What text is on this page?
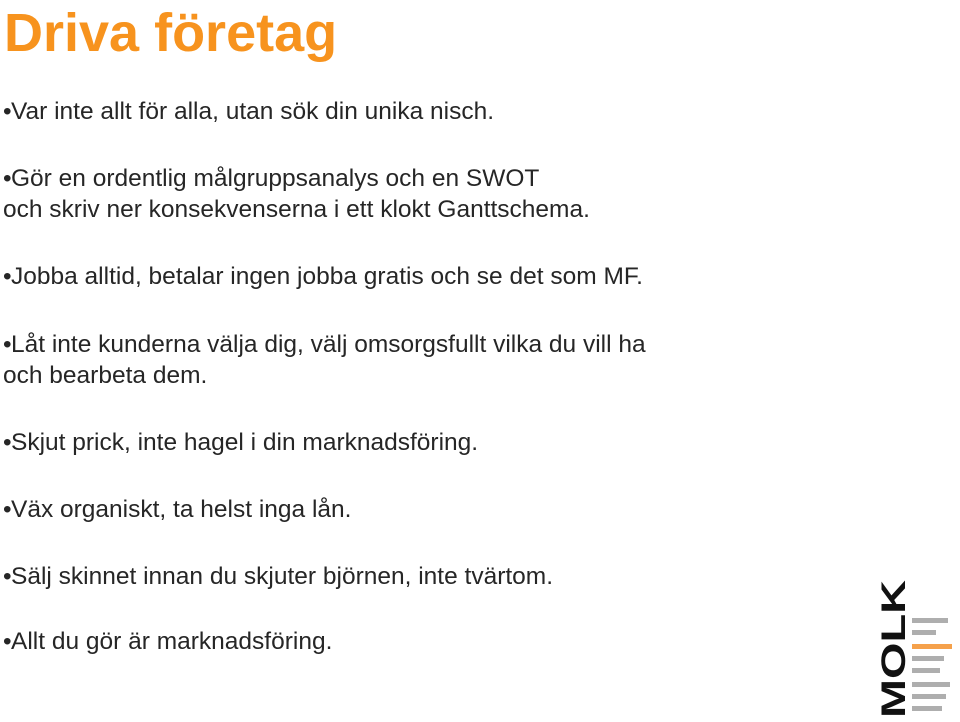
Driva företag

•Var inte allt för alla, utan sök din unika nisch.

•Gör en ordentlig målgruppsanalys och en SWOT
och skriv ner konsekvenserna i ett klokt Ganttschema.

•Jobba alltid, betalar ingen jobba gratis och se det som MF.

•Låt inte kunderna välja dig, välj omsorgsfullt vilka du vill ha
och bearbeta dem.

•Skjut prick, inte hagel i din marknadsföring.

•Väx organiskt, ta helst inga lån.

•Sälj skinnet innan du skjuter björnen, inte tvärtom.

•Allt du gör är marknadsföring.	MOLK
